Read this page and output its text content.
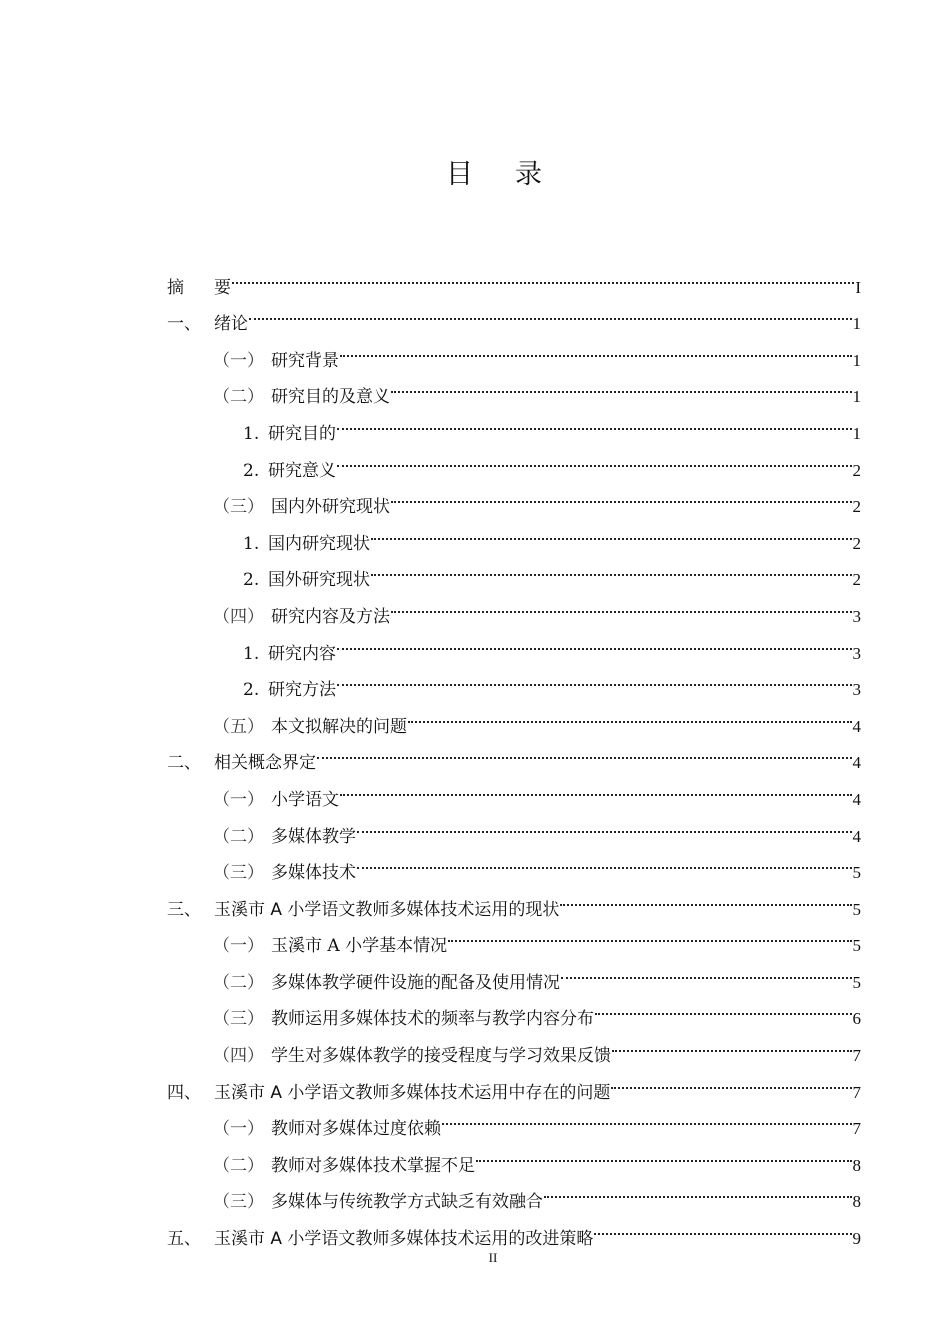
目 录
摘	要	I
一、 绪论	1
（一） 研究背景	1
（二） 研究目的及意义	1
1. 研究目的	1
2. 研究意义	2
（三） 国内外研究现状	2
1. 国内研究现状	2
2. 国外研究现状	2
（四） 研究内容及方法	3
1. 研究内容	3
2. 研究方法	3
（五） 本文拟解决的问题	4
二、 相关概念界定	4
（一） 小学语文	4
（二） 多媒体教学	4
（三） 多媒体技术	5
三、 玉溪市 A 小学语文教师多媒体技术运用的现状	5
（一） 玉溪市 A 小学基本情况	5
（二） 多媒体教学硬件设施的配备及使用情况	5
（三） 教师运用多媒体技术的频率与教学内容分布	6
（四） 学生对多媒体教学的接受程度与学习效果反馈	7
四、 玉溪市 A 小学语文教师多媒体技术运用中存在的问题	7
（一） 教师对多媒体过度依赖	7
（二） 教师对多媒体技术掌握不足	8
（三） 多媒体与传统教学方式缺乏有效融合	8
五、 玉溪市 A 小学语文教师多媒体技术运用的改进策略	9
II
